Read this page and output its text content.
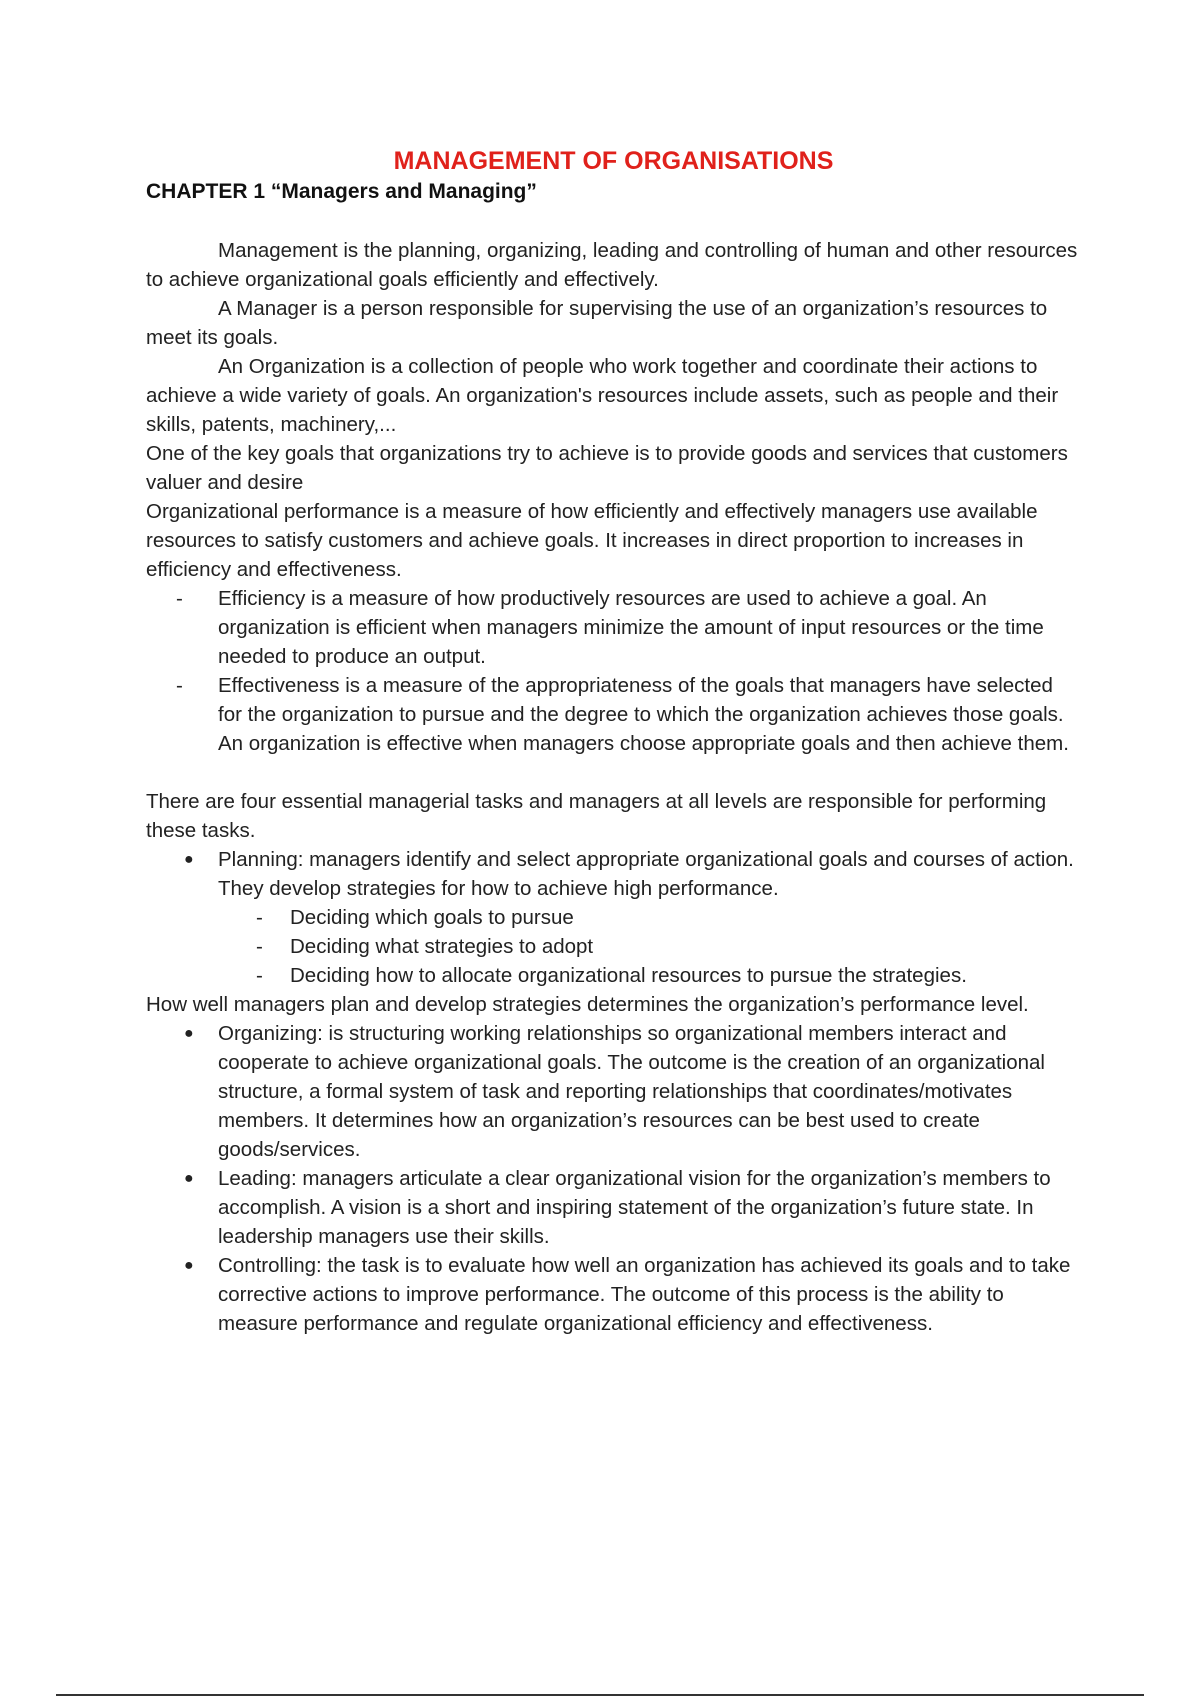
MANAGEMENT OF ORGANISATIONS
CHAPTER 1 “Managers and Managing”

Management is the planning, organizing, leading and controlling of human and other resources to achieve organizational goals efficiently and effectively.

A Manager is a person responsible for supervising the use of an organization’s resources to meet its goals.

An Organization is a collection of people who work together and coordinate their actions to achieve a wide variety of goals. An organization's resources include assets, such as people and their skills, patents, machinery,...

One of the key goals that organizations try to achieve is to provide goods and services that customers valuer and desire

Organizational performance is a measure of how efficiently and effectively managers use available resources to satisfy customers and achieve goals. It increases in direct proportion to increases in efficiency and effectiveness.

- Efficiency is a measure of how productively resources are used to achieve a goal. An organization is efficient when managers minimize the amount of input resources or the time needed to produce an output.
- Effectiveness is a measure of the appropriateness of the goals that managers have selected for the organization to pursue and the degree to which the organization achieves those goals. An organization is effective when managers choose appropriate goals and then achieve them.

There are four essential managerial tasks and managers at all levels are responsible for performing these tasks.

● Planning: managers identify and select appropriate organizational goals and courses of action. They develop strategies for how to achieve high performance.
- Deciding which goals to pursue
- Deciding what strategies to adopt
- Deciding how to allocate organizational resources to pursue the strategies.

How well managers plan and develop strategies determines the organization’s performance level.

● Organizing: is structuring working relationships so organizational members interact and cooperate to achieve organizational goals. The outcome is the creation of an organizational structure, a formal system of task and reporting relationships that coordinates/motivates members. It determines how an organization’s resources can be best used to create goods/services.
● Leading: managers articulate a clear organizational vision for the organization’s members to accomplish. A vision is a short and inspiring statement of the organization’s future state. In leadership managers use their skills.
● Controlling: the task is to evaluate how well an organization has achieved its goals and to take corrective actions to improve performance. The outcome of this process is the ability to measure performance and regulate organizational efficiency and effectiveness.
